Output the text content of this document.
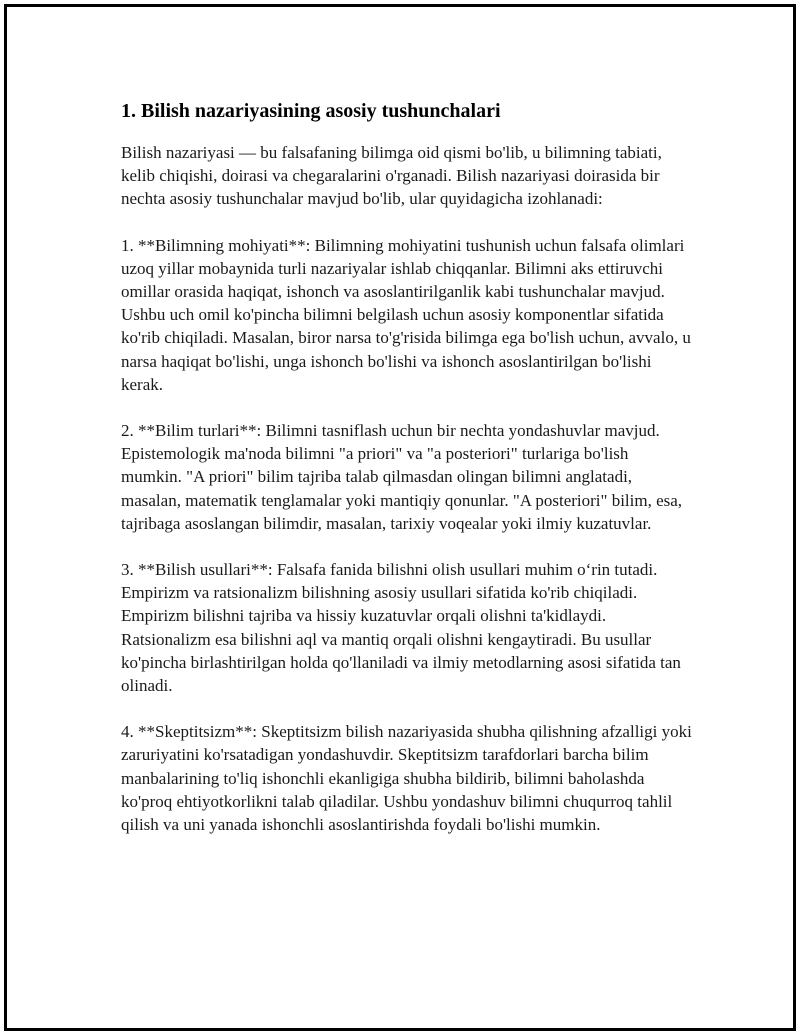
1. Bilish nazariyasining asosiy tushunchalari

Bilish nazariyasi — bu falsafaning bilimga oid qismi bo'lib, u bilimning tabiati, kelib chiqishi, doirasi va chegaralarini o'rganadi. Bilish nazariyasi doirasida bir nechta asosiy tushunchalar mavjud bo'lib, ular quyidagicha izohlanadi:

1. **Bilimning mohiyati**: Bilimning mohiyatini tushunish uchun falsafa olimlari uzoq yillar mobaynida turli nazariyalar ishlab chiqqanlar. Bilimni aks ettiruvchi omillar orasida haqiqat, ishonch va asoslantirilganlik kabi tushunchalar mavjud. Ushbu uch omil ko'pincha bilimni belgilash uchun asosiy komponentlar sifatida ko'rib chiqiladi. Masalan, biror narsa to'g'risida bilimga ega bo'lish uchun, avvalo, u narsa haqiqat bo'lishi, unga ishonch bo'lishi va ishonch asoslantirilgan bo'lishi kerak.

2. **Bilim turlari**: Bilimni tasniflash uchun bir nechta yondashuvlar mavjud. Epistemologik ma'noda bilimni "a priori" va "a posteriori" turlariga bo'lish mumkin. "A priori" bilim tajriba talab qilmasdan olingan bilimni anglatadi, masalan, matematik tenglamalar yoki mantiqiy qonunlar. "A posteriori" bilim, esa, tajribaga asoslangan bilimdir, masalan, tarixiy voqealar yoki ilmiy kuzatuvlar.

3. **Bilish usullari**: Falsafa fanida bilishni olish usullari muhim o‘rin tutadi. Empirizm va ratsionalizm bilishning asosiy usullari sifatida ko'rib chiqiladi. Empirizm bilishni tajriba va hissiy kuzatuvlar orqali olishni ta'kidlaydi. Ratsionalizm esa bilishni aql va mantiq orqali olishni kengaytiradi. Bu usullar ko'pincha birlashtirilgan holda qo'llaniladi va ilmiy metodlarning asosi sifatida tan olinadi.

4. **Skeptitsizm**: Skeptitsizm bilish nazariyasida shubha qilishning afzalligi yoki zaruriyatini ko'rsatadigan yondashuvdir. Skeptitsizm tarafdorlari barcha bilim manbalarining to'liq ishonchli ekanligiga shubha bildirib, bilimni baholashda ko'proq ehtiyotkorlikni talab qiladilar. Ushbu yondashuv bilimni chuqurroq tahlil qilish va uni yanada ishonchli asoslantirishda foydali bo'lishi mumkin.
